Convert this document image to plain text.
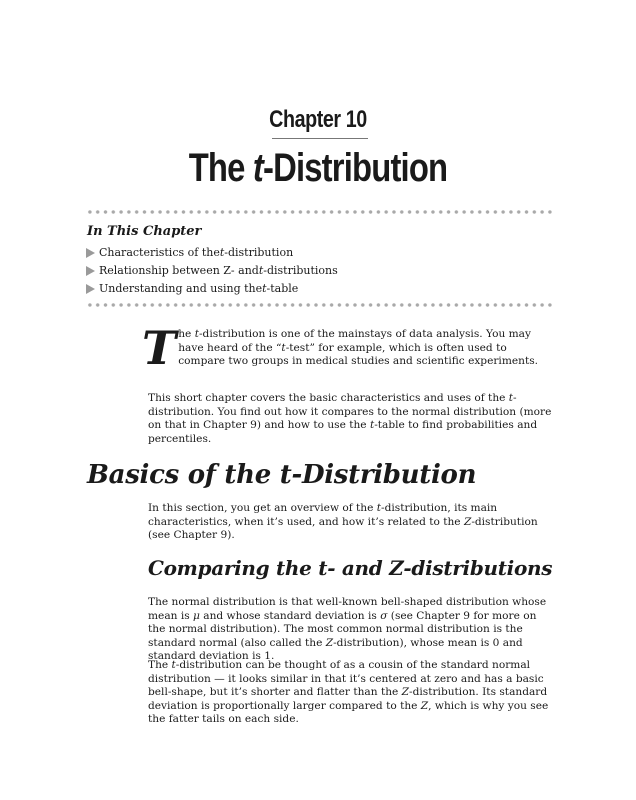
Chapter 10
The t-Distribution
In This Chapter
Characteristics of the t -distribution
Relationship between Z- and t -distributions
Understanding and using the t -table

The t-distribution is one of the mainstays of data analysis. You may have heard of the “t-test” for example, which is often used to compare two groups in medical studies and scientific experiments.

This short chapter covers the basic characteristics and uses of the t-distribution. You find out how it compares to the normal distribution (more on that in Chapter 9) and how to use the t-table to find probabilities and percentiles.

Basics of the t-Distribution

In this section, you get an overview of the t-distribution, its main characteristics, when it’s used, and how it’s related to the Z-distribution (see Chapter 9).

Comparing the t- and Z-distributions

The normal distribution is that well-known bell-shaped distribution whose mean is μ and whose standard deviation is σ (see Chapter 9 for more on the normal distribution). The most common normal distribution is the standard normal (also called the Z-distribution), whose mean is 0 and standard deviation is 1.

The t-distribution can be thought of as a cousin of the standard normal distribution — it looks similar in that it’s centered at zero and has a basic bell-shape, but it’s shorter and flatter than the Z-distribution. Its standard deviation is proportionally larger compared to the Z, which is why you see the fatter tails on each side.
